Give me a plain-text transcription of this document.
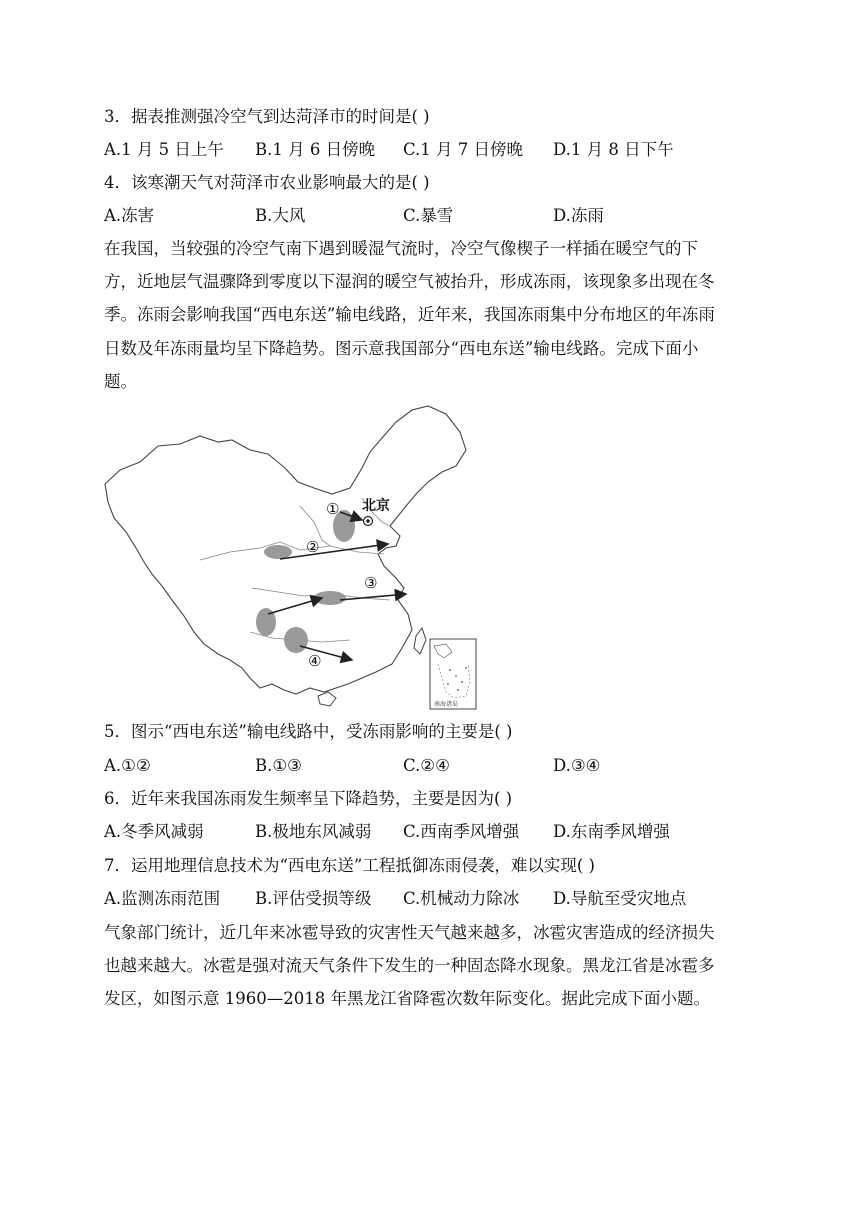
3．据表推测强冷空气到达菏泽市的时间是( )
A.1 月 5 日上午 B.1 月 6 日傍晚 C.1 月 7 日傍晚 D.1 月 8 日下午
4．该寒潮天气对菏泽市农业影响最大的是( )
A.冻害	B.大风	C.暴雪	D.冻雨
在我国，当较强的冷空气南下遇到暖湿气流时，冷空气像楔子一样插在暖空气的下
方，近地层气温骤降到零度以下湿润的暖空气被抬升，形成冻雨，该现象多出现在冬
季。冻雨会影响我国“西电东送”输电线路，近年来，我国冻雨集中分布地区的年冻雨
日数及年冻雨量均呈下降趋势。图示意我国部分“西电东送”输电线路。完成下面小
题。
北京
①
②
③
④
南海诸岛
5．图示“西电东送”输电线路中，受冻雨影响的主要是( )
A.①②	B.①③	C.②④	D.③④
6．近年来我国冻雨发生频率呈下降趋势，主要是因为( )
A.冬季风减弱	B.极地东风减弱 C.西南季风增强 D.东南季风增强
7．运用地理信息技术为“西电东送”工程抵御冻雨侵袭，难以实现( )
A.监测冻雨范围 B.评估受损等级 C.机械动力除冰 D.导航至受灾地点
气象部门统计，近几年来冰雹导致的灾害性天气越来越多，冰雹灾害造成的经济损失
也越来越大。冰雹是强对流天气条件下发生的一种固态降水现象。黑龙江省是冰雹多
发区，如图示意 1960—2018 年黑龙江省降雹次数年际变化。据此完成下面小题。
